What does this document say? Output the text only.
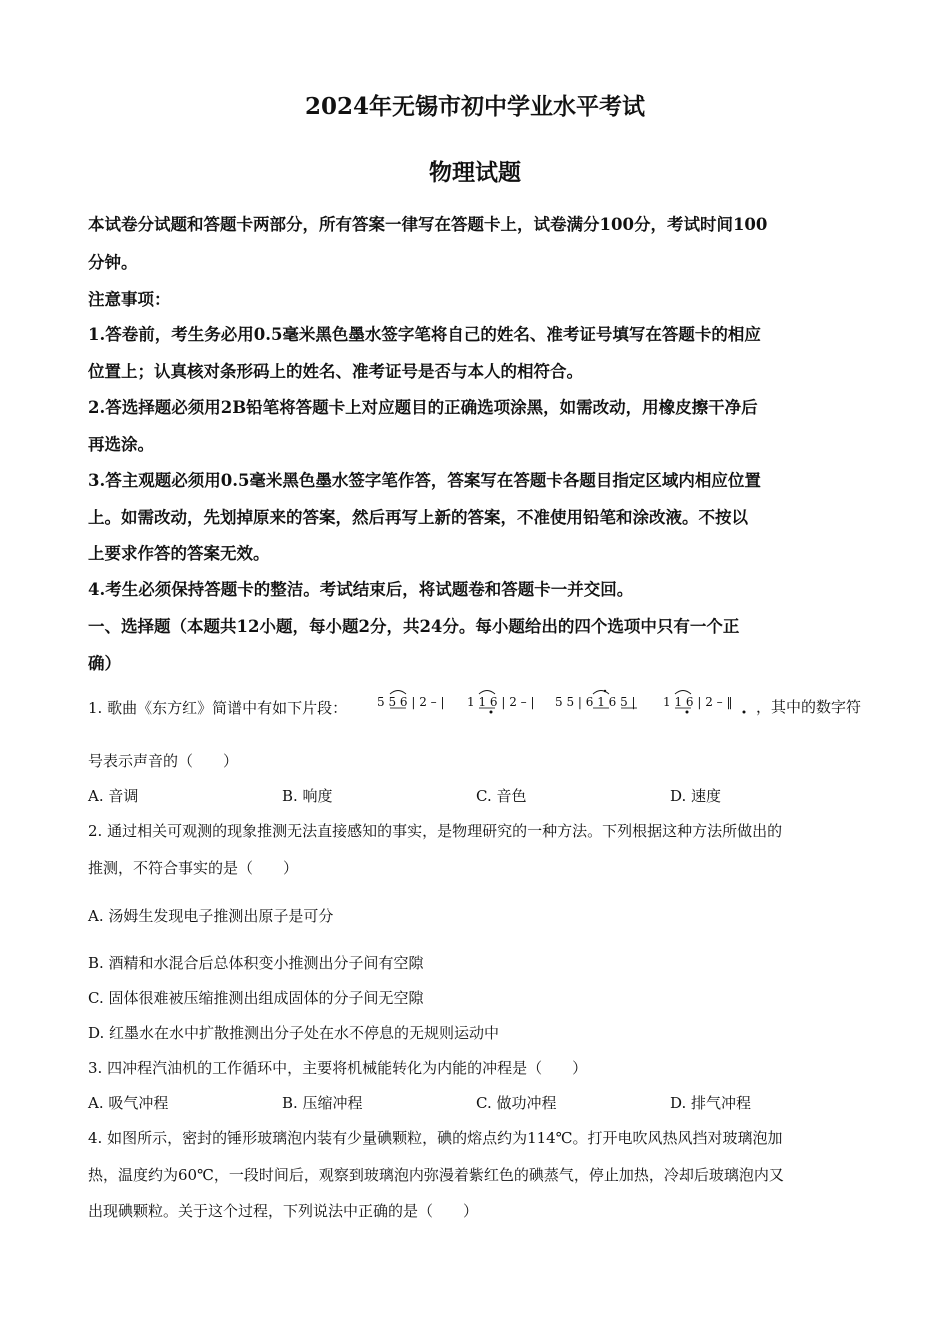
2024年无锡市初中学业水平考试
物理试题
本试卷分试题和答题卡两部分，所有答案一律写在答题卡上，试卷满分100分，考试时间100
分钟。
注意事项：
1.答卷前，考生务必用0.5毫米黑色墨水签字笔将自己的姓名、准考证号填写在答题卡的相应
位置上；认真核对条形码上的姓名、准考证号是否与本人的相符合。
2.答选择题必须用2B铅笔将答题卡上对应题目的正确选项涂黑，如需改动，用橡皮擦干净后
再选涂。
3.答主观题必须用0.5毫米黑色墨水签字笔作答，答案写在答题卡各题目指定区域内相应位置
上。如需改动，先划掉原来的答案，然后再写上新的答案，不准使用铅笔和涂改液。不按以
上要求作答的答案无效。
4.考生必须保持答题卡的整洁。考试结束后，将试题卷和答题卡一并交回。
一、选择题（本题共12小题，每小题2分，共24分。每小题给出的四个选项中只有一个正
确）
1. 歌曲《东方红》简谱中有如下片段：	5 5 6 | 2 – | 1 1 6 | 2 – | 5 5 | 6 1 6 5 | 1 1 6 | 2 – ‖ ，其中的数字符
号表示声音的（　　）
A. 音调	B. 响度	C. 音色	D. 速度
2. 通过相关可观测的现象推测无法直接感知的事实，是物理研究的一种方法。下列根据这种方法所做出的
推测，不符合事实的是（　　）
A. 汤姆生发现电子推测出原子是可分
B. 酒精和水混合后总体积变小推测出分子间有空隙
C. 固体很难被压缩推测出组成固体的分子间无空隙
D. 红墨水在水中扩散推测出分子处在水不停息的无规则运动中
3. 四冲程汽油机的工作循环中，主要将机械能转化为内能的冲程是（　　）
A. 吸气冲程	B. 压缩冲程	C. 做功冲程	D. 排气冲程
4. 如图所示，密封的锤形玻璃泡内装有少量碘颗粒，碘的熔点约为114℃。打开电吹风热风挡对玻璃泡加
热，温度约为60℃，一段时间后，观察到玻璃泡内弥漫着紫红色的碘蒸气，停止加热，冷却后玻璃泡内又
出现碘颗粒。关于这个过程，下列说法中正确的是（　　）
